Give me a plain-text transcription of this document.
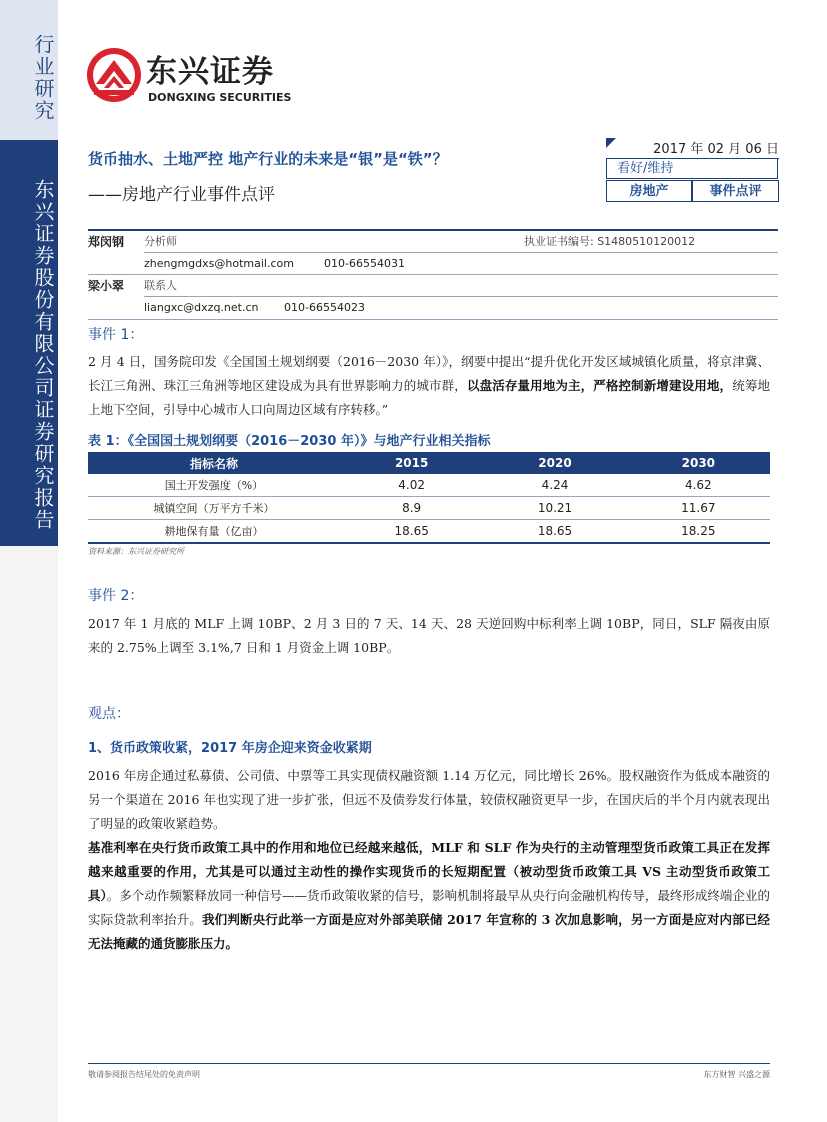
行业研究
东兴证券股份有限公司证券研究报告
东兴证券
DONGXING SECURITIES
货币抽水、土地严控 地产行业的未来是“银”是“铁”？
——房地产行业事件点评
2017 年 02 月 06 日
看好/维持
房地产	事件点评
郑闵钢	分析师	执业证书编号: S1480510120012
zhengmgdxs@hotmail.com	010-66554031
梁小翠	联系人
liangxc@dxzq.net.cn 010-66554023
事件 1：
2 月 4 日，国务院印发《全国国土规划纲要（2016－2030 年）》，纲要中提出“提升优化开发区域城镇化质量，将京津冀、长江三角洲、珠江三角洲等地区建设成为具有世界影响力的城市群，以盘活存量用地为主，严格控制新增建设用地，统筹地上地下空间，引导中心城市人口向周边区域有序转移。”
表 1：《全国国土规划纲要（2016－2030 年）》与地产行业相关指标
指标名称	2015	2020	2030
国土开发强度（%）	4.02	4.24	4.62
城镇空间（万平方千米）	8.9	10.21	11.67
耕地保有量（亿亩）	18.65	18.65	18.25
资料来源：东兴证券研究所
事件 2：
2017 年 1 月底的 MLF 上调 10BP、2 月 3 日的 7 天、14 天、28 天逆回购中标利率上调 10BP，同日，SLF 隔夜由原来的 2.75%上调至 3.1%,7 日和 1 月资金上调 10BP。
观点：
1、货币政策收紧，2017 年房企迎来资金收紧期
2016 年房企通过私募债、公司债、中票等工具实现债权融资额 1.14 万亿元，同比增长 26%。股权融资作为低成本融资的另一个渠道在 2016 年也实现了进一步扩张，但远不及债券发行体量，较债权融资更早一步，在国庆后的半个月内就表现出了明显的政策收紧趋势。
基准利率在央行货币政策工具中的作用和地位已经越来越低，MLF 和 SLF 作为央行的主动管理型货币政策工具正在发挥越来越重要的作用，尤其是可以通过主动性的操作实现货币的长短期配置（被动型货币政策工具 VS 主动型货币政策工具）。多个动作频繁释放同一种信号——货币政策收紧的信号，影响机制将最早从央行向金融机构传导，最终形成终端企业的实际贷款利率抬升。我们判断央行此举一方面是应对外部美联储 2017 年宣称的 3 次加息影响，另一方面是应对内部已经无法掩藏的通货膨胀压力。
敬请参阅报告结尾处的免责声明	东方财智 兴盛之源
